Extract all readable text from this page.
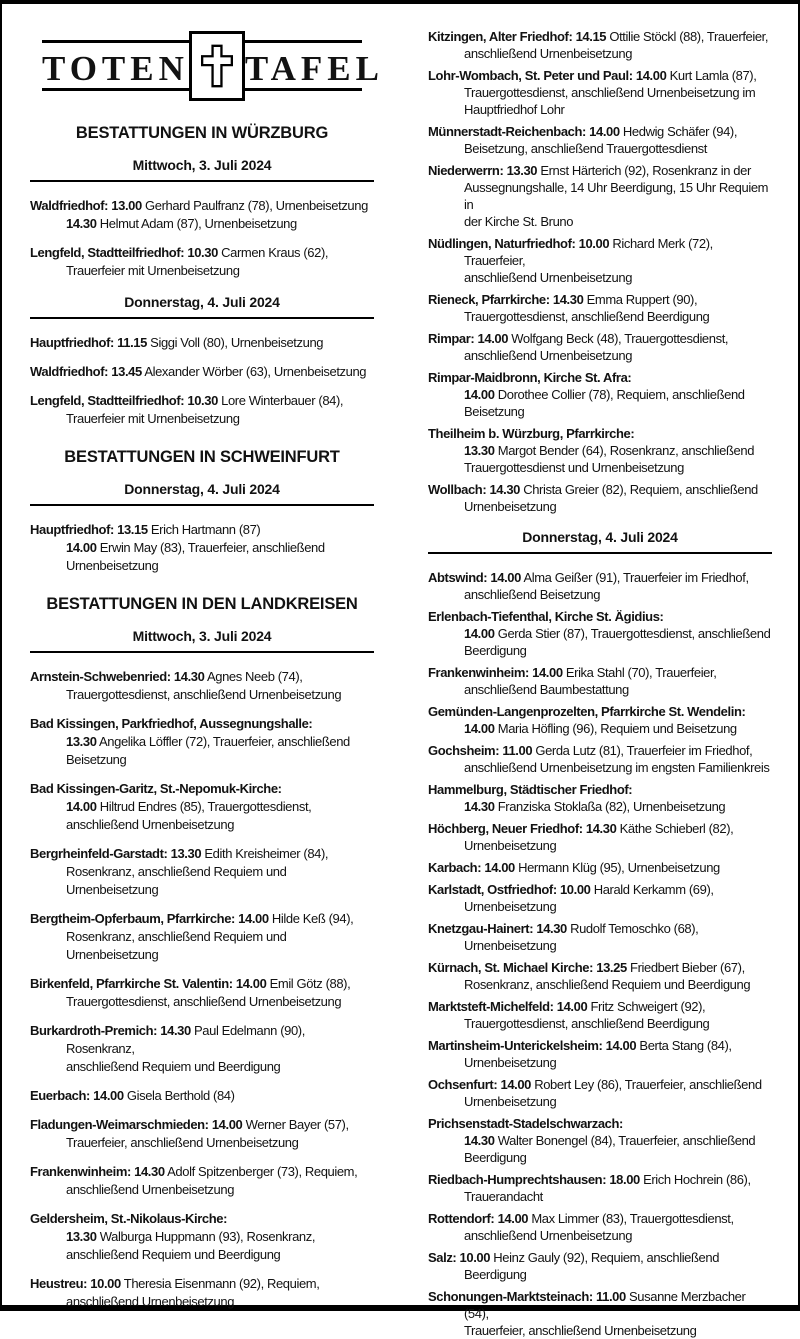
TOTEN TAFEL
BESTATTUNGEN IN WÜRZBURG
Mittwoch, 3. Juli 2024

Waldfriedhof: 13.00 Gerhard Paulfranz (78), Urnenbeisetzung
14.30 Helmut Adam (87), Urnenbeisetzung

Lengfeld, Stadtteilfriedhof: 10.30 Carmen Kraus (62),
Trauerfeier mit Urnenbeisetzung

Donnerstag, 4. Juli 2024

Hauptfriedhof: 11.15 Siggi Voll (80), Urnenbeisetzung

Waldfriedhof: 13.45 Alexander Wörber (63), Urnenbeisetzung

Lengfeld, Stadtteilfriedhof: 10.30 Lore Winterbauer (84),
Trauerfeier mit Urnenbeisetzung

BESTATTUNGEN IN SCHWEINFURT
Donnerstag, 4. Juli 2024

Hauptfriedhof: 13.15 Erich Hartmann (87)
14.00 Erwin May (83), Trauerfeier, anschließend
Urnenbeisetzung

BESTATTUNGEN IN DEN LANDKREISEN
Mittwoch, 3. Juli 2024

Arnstein-Schwebenried: 14.30 Agnes Neeb (74),
Trauergottesdienst, anschließend Urnenbeisetzung

Bad Kissingen, Parkfriedhof, Aussegnungshalle:
13.30 Angelika Löffler (72), Trauerfeier, anschließend
Beisetzung

Bad Kissingen-Garitz, St.-Nepomuk-Kirche:
14.00 Hiltrud Endres (85), Trauergottesdienst,
anschließend Urnenbeisetzung

Bergrheinfeld-Garstadt: 13.30 Edith Kreisheimer (84),
Rosenkranz, anschließend Requiem und Urnenbeisetzung

Bergtheim-Opferbaum, Pfarrkirche: 14.00 Hilde Keß (94),
Rosenkranz, anschließend Requiem und Urnenbeisetzung

Birkenfeld, Pfarrkirche St. Valentin: 14.00 Emil Götz (88),
Trauergottesdienst, anschließend Urnenbeisetzung

Burkardroth-Premich: 14.30 Paul Edelmann (90), Rosenkranz,
anschließend Requiem und Beerdigung

Euerbach: 14.00 Gisela Berthold (84)

Fladungen-Weimarschmieden: 14.00 Werner Bayer (57),
Trauerfeier, anschließend Urnenbeisetzung

Frankenwinheim: 14.30 Adolf Spitzenberger (73), Requiem,
anschließend Urnenbeisetzung

Geldersheim, St.-Nikolaus-Kirche:
13.30 Walburga Huppmann (93), Rosenkranz,
anschließend Requiem und Beerdigung

Heustreu: 10.00 Theresia Eisenmann (92), Requiem,
anschließend Urnenbeisetzung

Kitzingen, Alter Friedhof: 14.15 Ottilie Stöckl (88), Trauerfeier,
anschließend Urnenbeisetzung

Lohr-Wombach, St. Peter und Paul: 14.00 Kurt Lamla (87),
Trauergottesdienst, anschließend Urnenbeisetzung im
Hauptfriedhof Lohr

Münnerstadt-Reichenbach: 14.00 Hedwig Schäfer (94),
Beisetzung, anschließend Trauergottesdienst

Niederwerrn: 13.30 Ernst Härterich (92), Rosenkranz in der
Aussegnungshalle, 14 Uhr Beerdigung, 15 Uhr Requiem in
der Kirche St. Bruno

Nüdlingen, Naturfriedhof: 10.00 Richard Merk (72), Trauerfeier,
anschließend Urnenbeisetzung

Rieneck, Pfarrkirche: 14.30 Emma Ruppert (90),
Trauergottesdienst, anschließend Beerdigung

Rimpar: 14.00 Wolfgang Beck (48), Trauergottesdienst,
anschließend Urnenbeisetzung

Rimpar-Maidbronn, Kirche St. Afra:
14.00 Dorothee Collier (78), Requiem, anschließend
Beisetzung

Theilheim b. Würzburg, Pfarrkirche:
13.30 Margot Bender (64), Rosenkranz, anschließend
Trauergottesdienst und Urnenbeisetzung

Wollbach: 14.30 Christa Greier (82), Requiem, anschließend
Urnenbeisetzung

Donnerstag, 4. Juli 2024

Abtswind: 14.00 Alma Geißer (91), Trauerfeier im Friedhof,
anschließend Beisetzung

Erlenbach-Tiefenthal, Kirche St. Ägidius:
14.00 Gerda Stier (87), Trauergottesdienst, anschließend
Beerdigung

Frankenwinheim: 14.00 Erika Stahl (70), Trauerfeier,
anschließend Baumbestattung

Gemünden-Langenprozelten, Pfarrkirche St. Wendelin:
14.00 Maria Höfling (96), Requiem und Beisetzung

Gochsheim: 11.00 Gerda Lutz (81), Trauerfeier im Friedhof,
anschließend Urnenbeisetzung im engsten Familienkreis

Hammelburg, Städtischer Friedhof:
14.30 Franziska Stoklaßa (82), Urnenbeisetzung

Höchberg, Neuer Friedhof: 14.30 Käthe Schieberl (82),
Urnenbeisetzung

Karbach: 14.00 Hermann Klüg (95), Urnenbeisetzung

Karlstadt, Ostfriedhof: 10.00 Harald Kerkamm (69),
Urnenbeisetzung

Knetzgau-Hainert: 14.30 Rudolf Temoschko (68),
Urnenbeisetzung

Kürnach, St. Michael Kirche: 13.25 Friedbert Bieber (67),
Rosenkranz, anschließend Requiem und Beerdigung

Marktsteft-Michelfeld: 14.00 Fritz Schweigert (92),
Trauergottesdienst, anschließend Beerdigung

Martinsheim-Unterickelsheim: 14.00 Berta Stang (84),
Urnenbeisetzung

Ochsenfurt: 14.00 Robert Ley (86), Trauerfeier, anschließend
Urnenbeisetzung

Prichsenstadt-Stadelschwarzach:
14.30 Walter Bonengel (84), Trauerfeier, anschließend
Beerdigung

Riedbach-Humprechtshausen: 18.00 Erich Hochrein (86),
Trauerandacht

Rottendorf: 14.00 Max Limmer (83), Trauergottesdienst,
anschließend Urnenbeisetzung

Salz: 10.00 Heinz Gauly (92), Requiem, anschließend
Beerdigung

Schonungen-Marktsteinach: 11.00 Susanne Merzbacher (54),
Trauerfeier, anschließend Urnenbeisetzung
